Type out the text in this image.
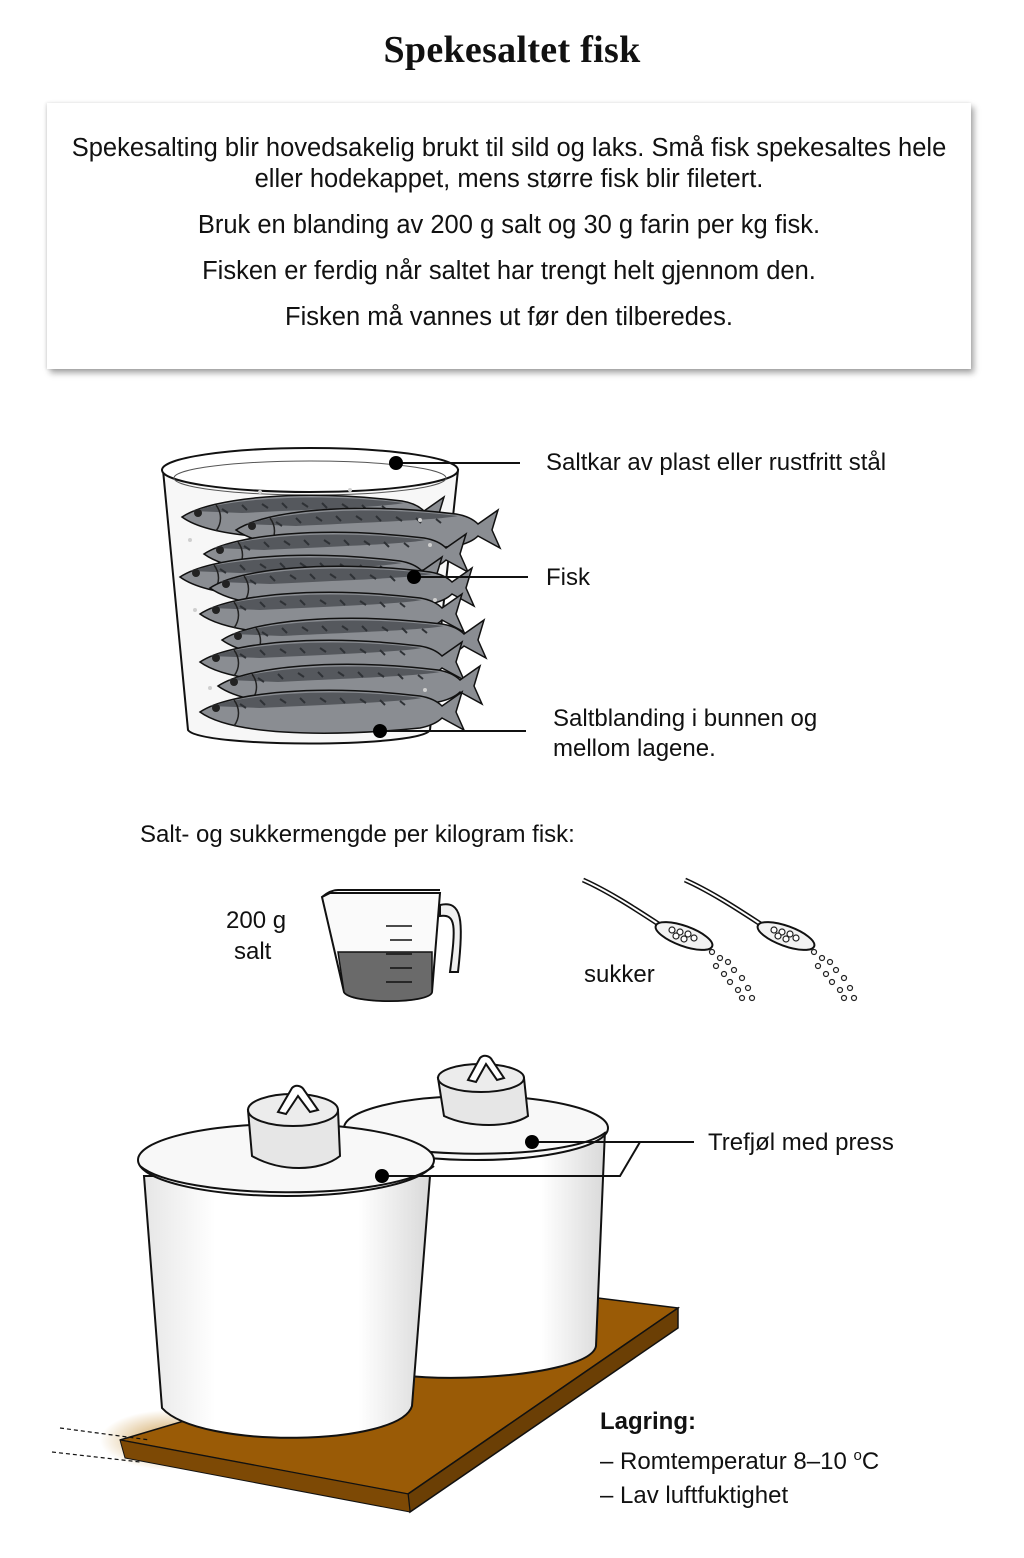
Spekesaltet fisk

Spekesalting blir hovedsakelig brukt til sild og laks. Små fisk spekesaltes hele eller hodekappet, mens større fisk blir filetert.

Bruk en blanding av 200 g salt og 30 g farin per kg fisk.

Fisken er ferdig når saltet har trengt helt gjennom den.

Fisken må vannes ut før den tilberedes.

Saltkar av plast eller rustfritt stål
Fisk
Saltblanding i bunnen og
mellom lagene.
Salt- og sukkermengde per kilogram fisk:
200 g
salt
sukker
Trefjøl med press
Lagring:
– Romtemperatur 8–10 $^o$C
– Lav luftfuktighet
